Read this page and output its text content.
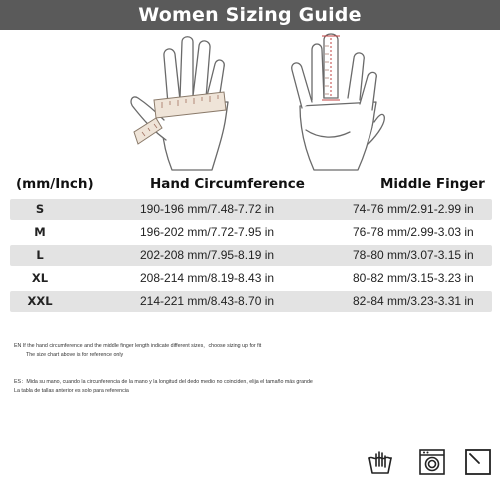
Women Sizing Guide
(mm/Inch)	Hand Circumference	Middle Finger
S	190-196 mm/7.48-7.72 in	74-76 mm/2.91-2.99 in
M	196-202 mm/7.72-7.95 in	76-78 mm/2.99-3.03 in
L	202-208 mm/7.95-8.19 in	78-80 mm/3.07-3.15 in
XL	208-214 mm/8.19-8.43 in	80-82 mm/3.15-3.23 in
XXL	214-221 mm/8.43-8.70 in	82-84 mm/3.23-3.31 in
EN If the hand circumference and the middle finger length indicate different sizes，choose sizing up for fit
The size chart above is for reference only
ES：Mida su mano, cuando la circunferencia de la mano y la longitud del dedo medio no coinciden, elija el tamaño más grande
La tabla de tallas anterior es solo para referencia
